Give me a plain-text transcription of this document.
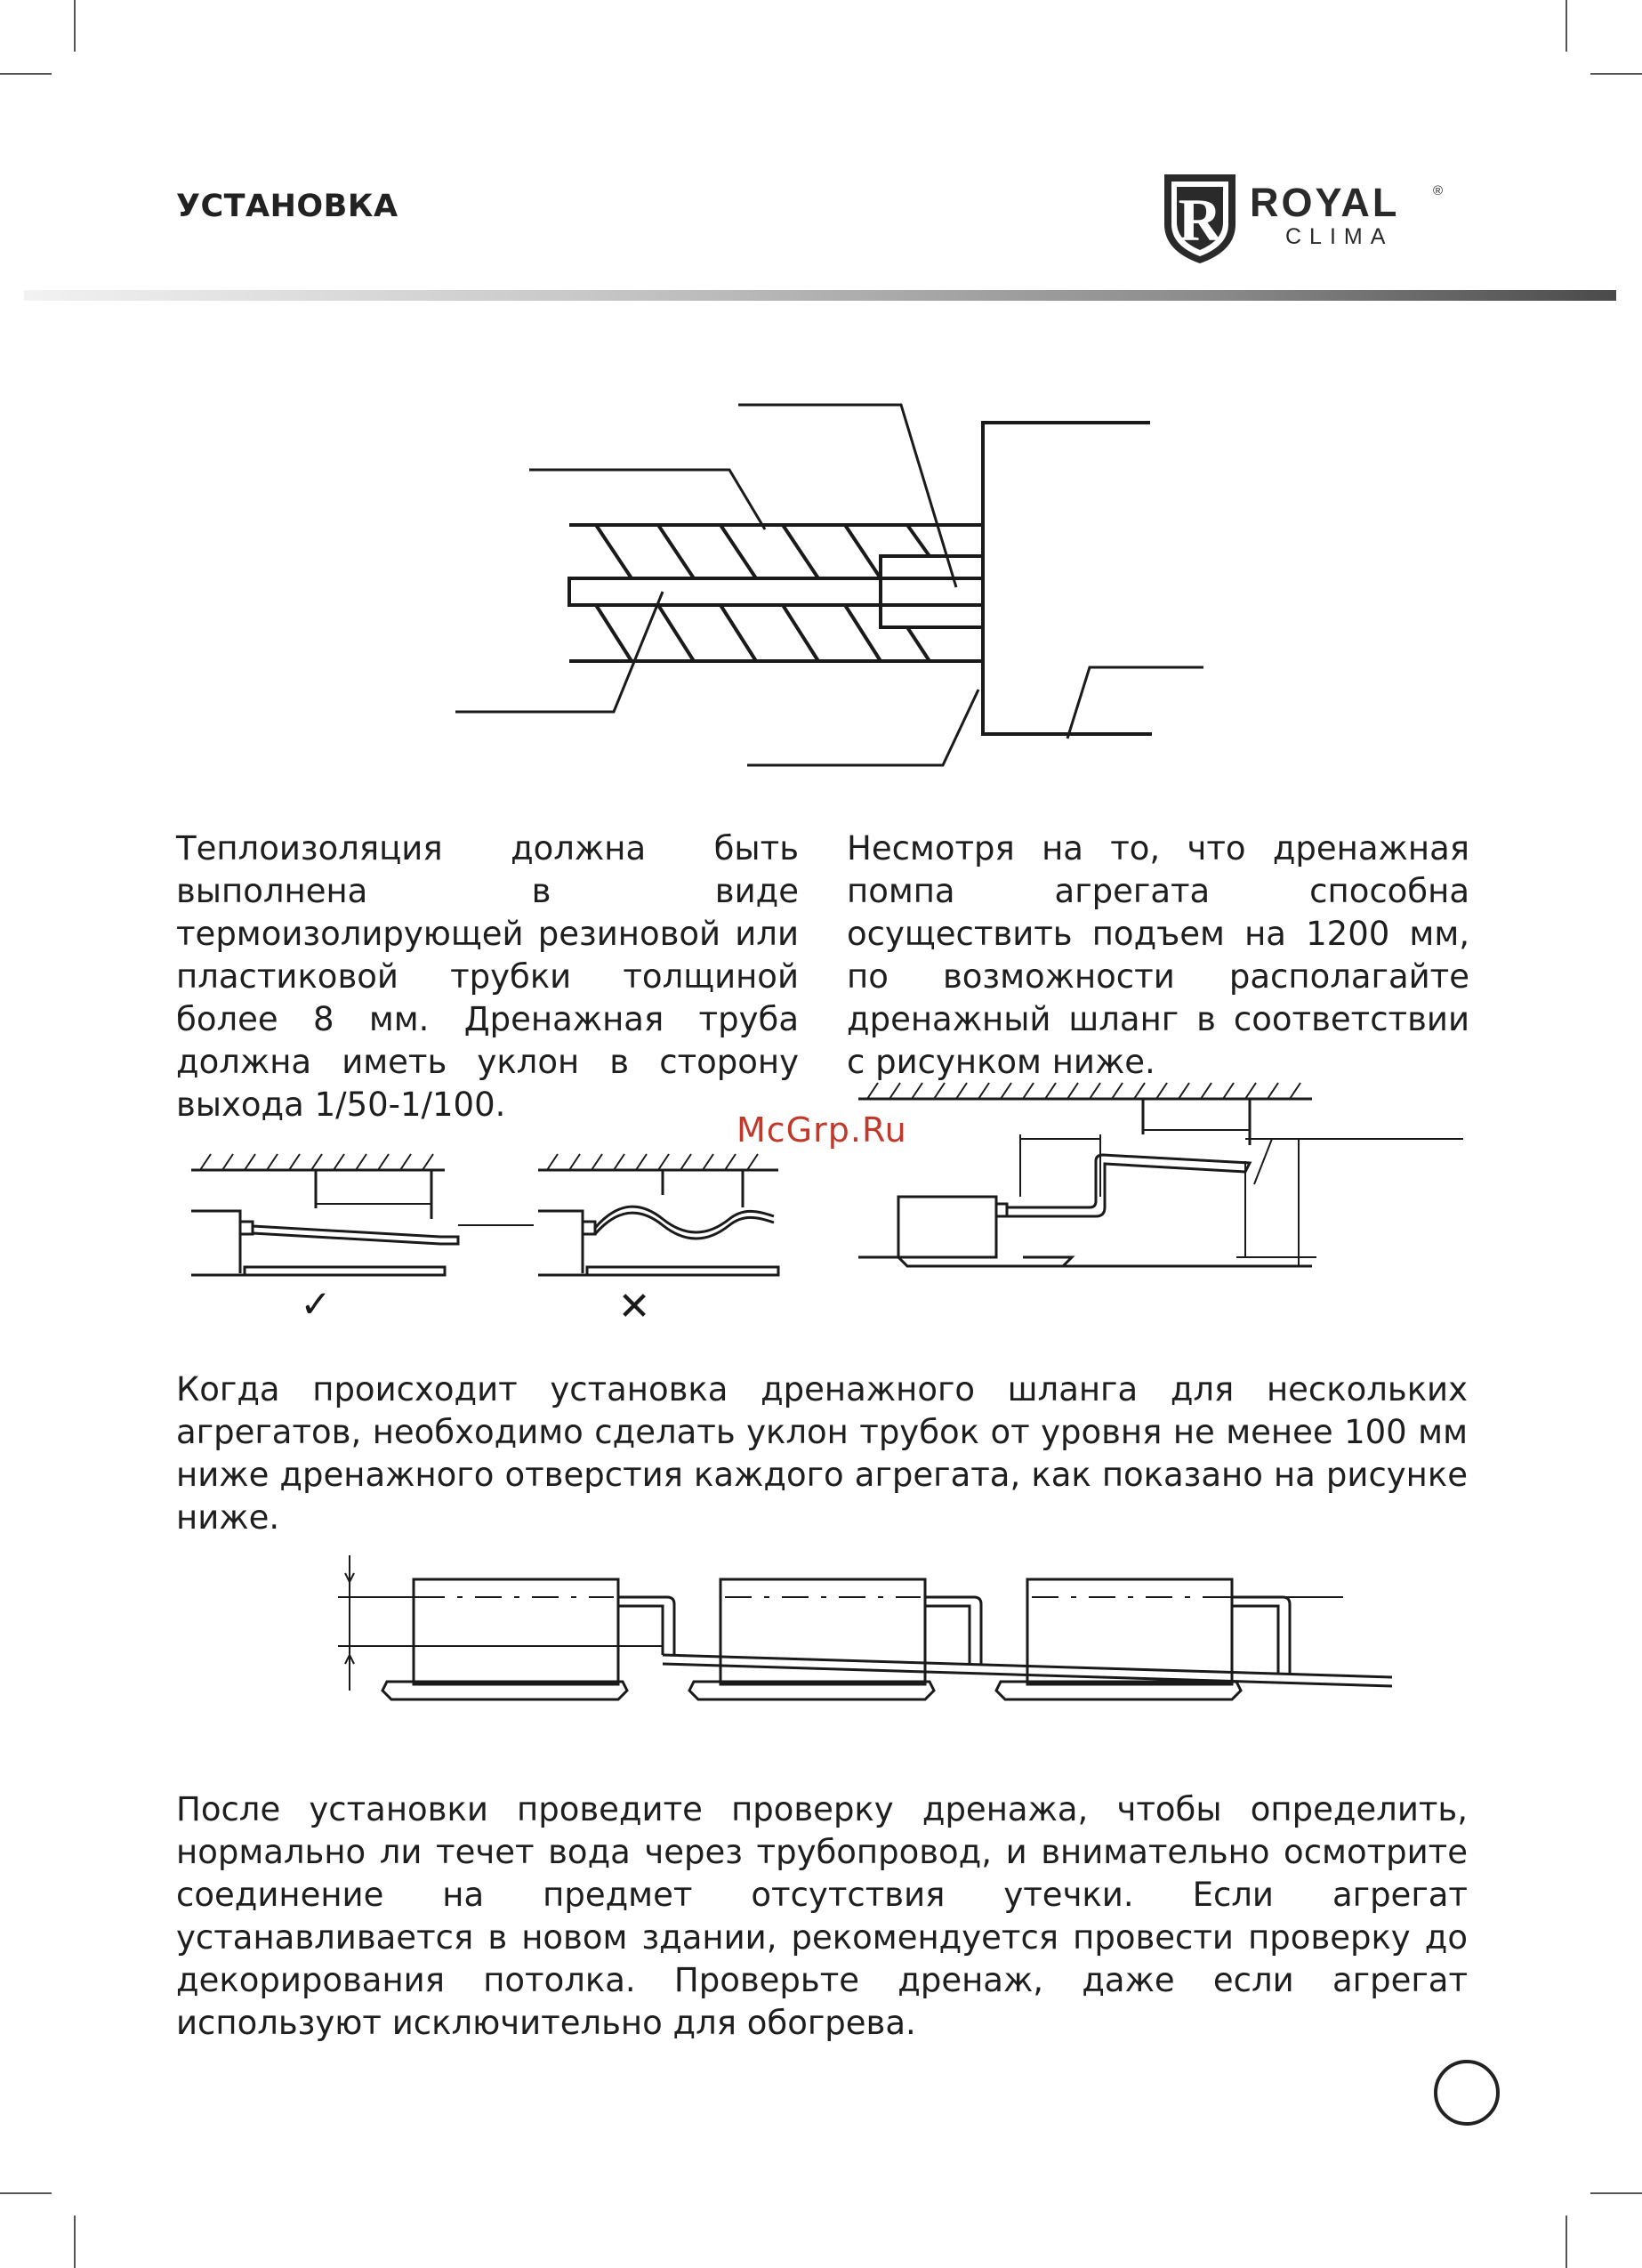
УСТАНОВКА	R ROYAL	®
CLIMA

Теплоизоляция должна быть выполнена в виде термоизолирующей резиновой или пластиковой трубки толщиной более 8 мм. Дренажная труба должна иметь уклон в сторону выхода 1/50-1/100.

Несмотря на то, что дренажная помпа агрегата способна осуществить подъем на 1200 мм, по возможности располагайте дренажный шланг в соответствии с рисунком ниже.

McGrp.Ru
✓	✕

Когда происходит установка дренажного шланга для нескольких агрегатов, необходимо сделать уклон трубок от уровня не менее 100 мм ниже дренажного отверстия каждого агрегата, как показано на рисунке ниже.

После установки проведите проверку дренажа, чтобы определить, нормально ли течет вода через трубопровод, и внимательно осмотрите соединение на предмет отсутствия утечки. Если агрегат устанавливается в новом здании, рекомендуется провести проверку до декорирования потолка. Проверьте дренаж, даже если агрегат используют исключительно для обогрева.
